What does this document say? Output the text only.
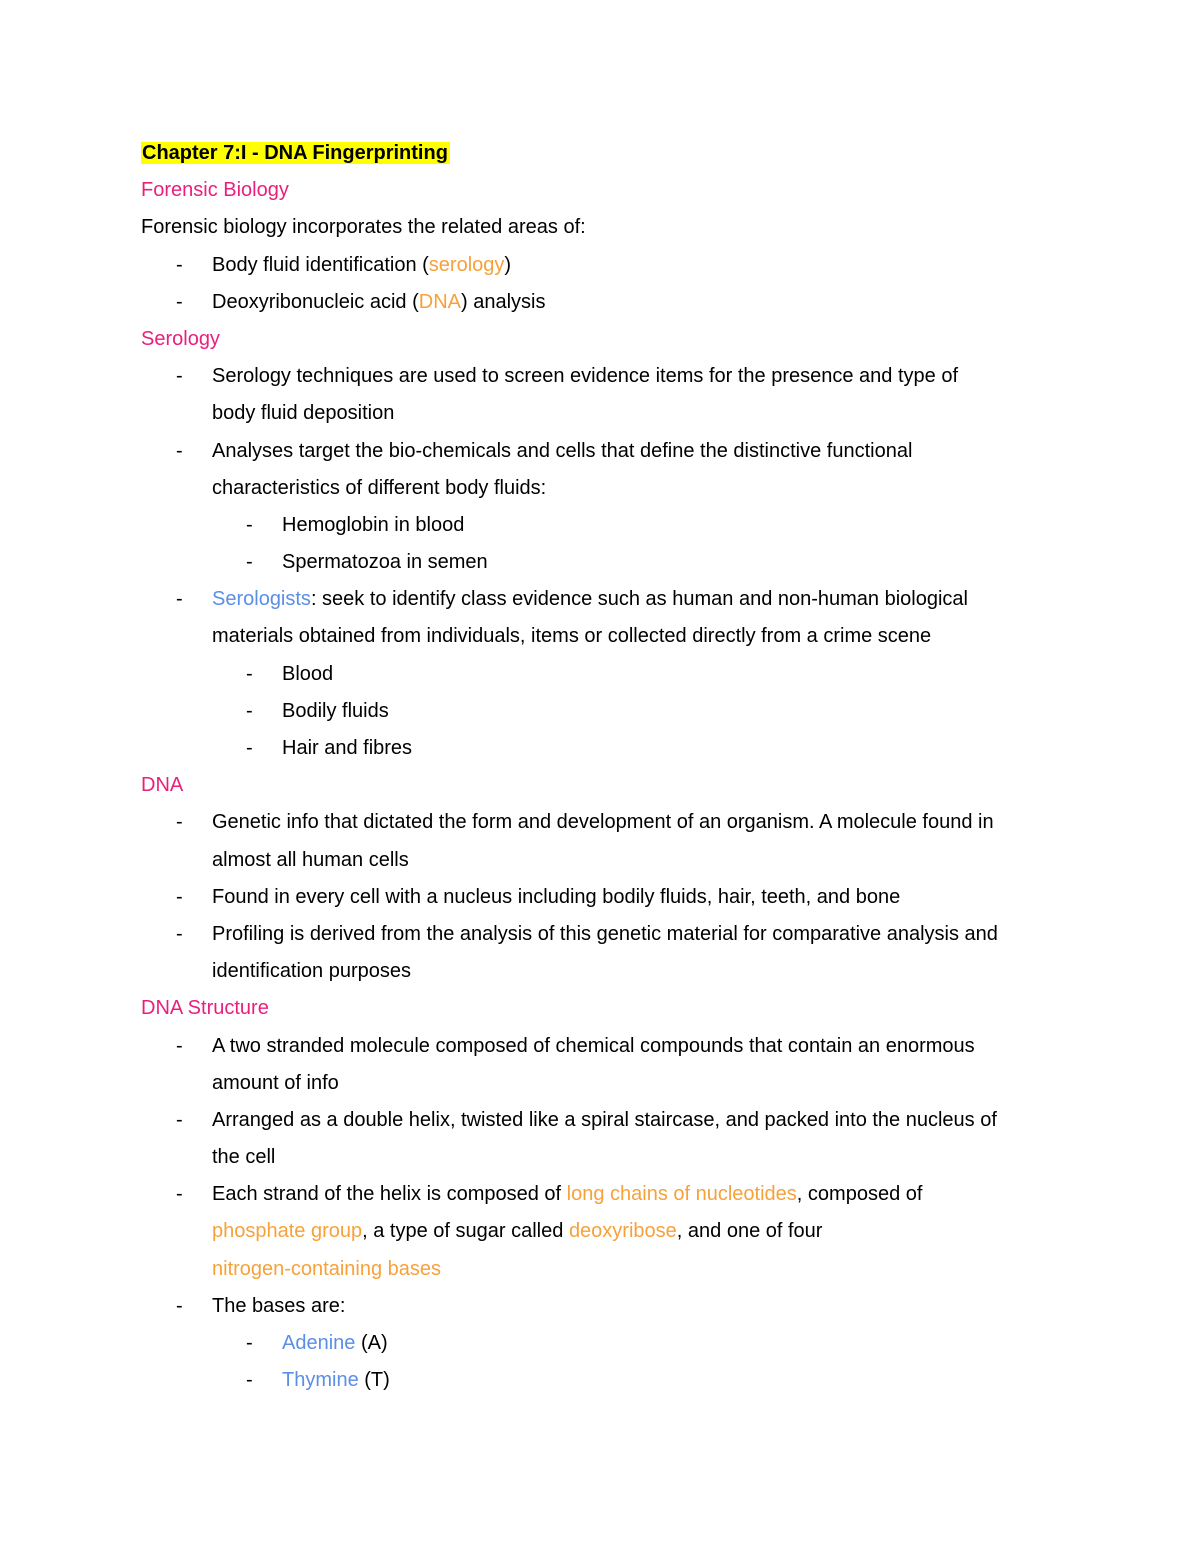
Chapter 7:I - DNA Fingerprinting
Forensic Biology
Forensic biology incorporates the related areas of:
-	Body fluid identification (serology)
-	Deoxyribonucleic acid (DNA) analysis
Serology
-	Serology techniques are used to screen evidence items for the presence and type of
body fluid deposition
-	Analyses target the bio-chemicals and cells that define the distinctive functional
characteristics of different body fluids:
-	Hemoglobin in blood
-	Spermatozoa in semen
-	Serologists: seek to identify class evidence such as human and non-human biological
materials obtained from individuals, items or collected directly from a crime scene
-	Blood
-	Bodily fluids
-	Hair and fibres
DNA
-	Genetic info that dictated the form and development of an organism. A molecule found in
almost all human cells
-	Found in every cell with a nucleus including bodily fluids, hair, teeth, and bone
-	Profiling is derived from the analysis of this genetic material for comparative analysis and
identification purposes
DNA Structure
-	A two stranded molecule composed of chemical compounds that contain an enormous
amount of info
-	Arranged as a double helix, twisted like a spiral staircase, and packed into the nucleus of
the cell
-	Each strand of the helix is composed of long chains of nucleotides, composed of
phosphate group, a type of sugar called deoxyribose, and one of four
nitrogen-containing bases
-	The bases are:
-	Adenine (A)
-	Thymine (T)
